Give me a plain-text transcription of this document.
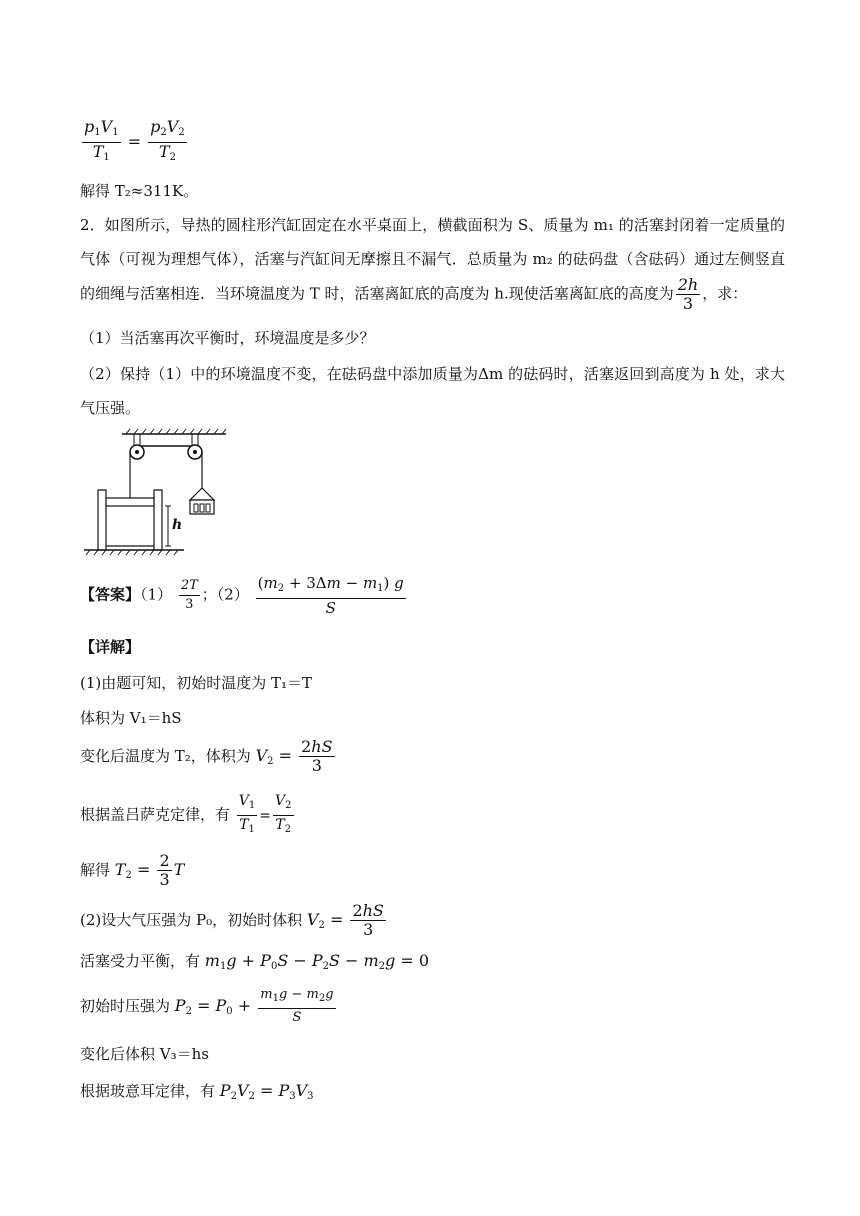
$\frac{p_1V_1}{T_1} = \frac{p_2V_2}{T_2}$
解得 T₂≈311K。
2．如图所示，导热的圆柱形汽缸固定在水平桌面上，横截面积为 S、质量为 m₁ 的活塞封闭着一定质量的气体（可视为理想气体），活塞与汽缸间无摩擦且不漏气．总质量为 m₂ 的砝码盘（含砝码）通过左侧竖直的细绳与活塞相连．当环境温度为 T 时，活塞离缸底的高度为 h.现使活塞离缸底的高度为 $\frac{2h}{3}$ ，求：
（1）当活塞再次平衡时，环境温度是多少？
（2）保持（1）中的环境温度不变，在砝码盘中添加质量为Δm 的砝码时，活塞返回到高度为 h 处，求大气压强。
h
【答案】$(1) \frac{2T}{3}$ ；$(2) \frac{(m_2 + 3\Delta m - m_1) g}{S}$
【详解】
(1)由题可知，初始时温度为 T₁＝T
体积为 V₁＝hS
变化后温度为 T₂，体积为 $V_2 = \frac{2hS}{3}$
根据盖吕萨克定律，有 $\frac{V_1}{T_1} = \frac{V_2}{T_2}$
解得 $T_2 = \frac{2}{3}$ T
(2)设大气压强为 P₀，初始时体积 $V_2 = \frac{2hS}{3}$
活塞受力平衡，有 $m_1g + P_0S - P_2S - m_2g = 0$
初始时压强为 $P_2 = P_0 + \frac{m_1g - m_2g}{S}$
变化后体积 V₃＝hs
根据玻意耳定律，有 $P_2V_2 = P_3V_3$
